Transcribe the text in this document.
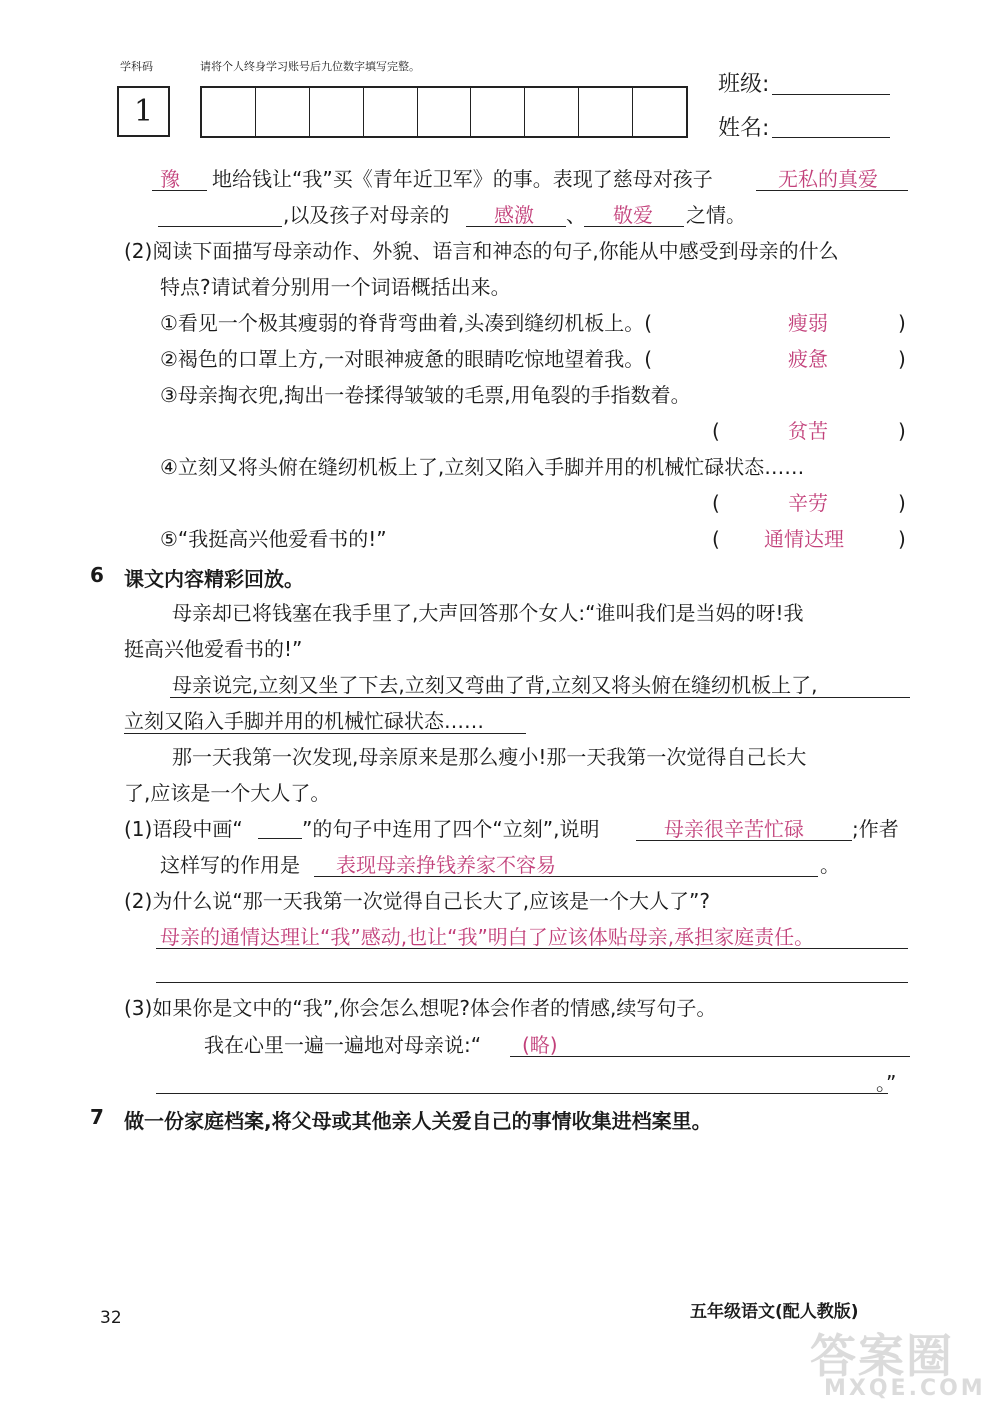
学科码	请将个人终身学习账号后九位数字填写完整。
1
班级:
姓名:
豫 地给钱让“我”买《青年近卫军》的事。表现了慈母对孩子	无私的真爱
,以及孩子对母亲的 感激 、 敬爱 之情。
(2)阅读下面描写母亲动作、外貌、语言和神态的句子,你能从中感受到母亲的什么
特点?请试着分别用一个词语概括出来。
①看见一个极其瘦弱的脊背弯曲着,头凑到缝纫机板上。(	瘦弱	)
②褐色的口罩上方,一对眼神疲惫的眼睛吃惊地望着我。(	疲惫	)
③母亲掏衣兜,掏出一卷揉得皱皱的毛票,用龟裂的手指数着。
(	贫苦	)
④立刻又将头俯在缝纫机板上了,立刻又陷入手脚并用的机械忙碌状态……
(	辛劳	)
⑤“我挺高兴他爱看书的!”	( 通情达理	)
6 课文内容精彩回放。
母亲却已将钱塞在我手里了,大声回答那个女人:“谁叫我们是当妈的呀!我
挺高兴他爱看书的!”
母亲说完,立刻又坐了下去,立刻又弯曲了背,立刻又将头俯在缝纫机板上了,
立刻又陷入手脚并用的机械忙碌状态……
那一天我第一次发现,母亲原来是那么瘦小!那一天我第一次觉得自己长大
了,应该是一个大人了。
(1)语段中画“	”的句子中连用了四个“立刻”,说明	母亲很辛苦忙碌 ;作者
这样写的作用是 表现母亲挣钱养家不容易	。
(2)为什么说“那一天我第一次觉得自己长大了,应该是一个大人了”?
母亲的通情达理让“我”感动,也让“我”明白了应该体贴母亲,承担家庭责任。
(3)如果你是文中的“我”,你会怎么想呢?体会作者的情感,续写句子。
我在心里一遍一遍地对母亲说:“ (略)
。”
7 做一份家庭档案,将父母或其他亲人关爱自己的事情收集进档案里。
32	五年级语文(配人教版)
答案圈
MXQE.COM
